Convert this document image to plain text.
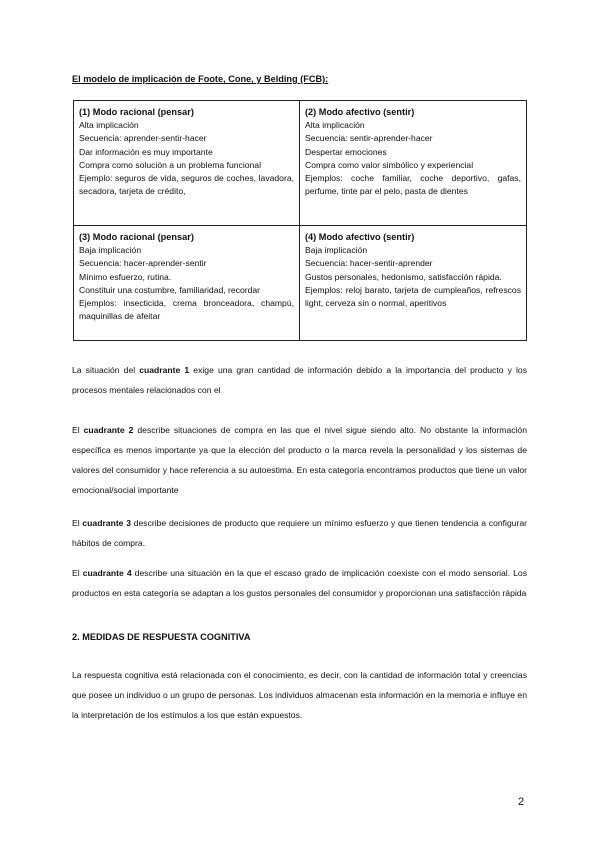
El modelo de implicación de Foote, Cone, y Belding (FCB):
(1) Modo racional (pensar)
Alta implicación
Secuencia: aprender-sentir-hacer
Dar información es muy importante
Compra como solución a un problema funcional
Ejemplo: seguros de vida, seguros de coches, lavadora, secadora, tarjeta de crédito,
(2) Modo afectivo (sentir)
Alta implicación
Secuencia: sentir-aprender-hacer
Despertar emociones
Compra como valor simbólico y experiencial
Ejemplos: coche familiar, coche deportivo, gafas, perfume, tinte par el pelo, pasta de dientes
(3) Modo racional (pensar)
Baja implicación
Secuencia: hacer-aprender-sentir
Mínimo esfuerzo, rutina.
Constituir una costumbre, familiaridad, recordar
Ejemplos: insecticida, crema bronceadora, champú, maquinillas de afeitar
(4) Modo afectivo (sentir)
Baja implicación
Secuencia: hacer-sentir-aprender
Gustos personales, hedonismo, satisfacción rápida.
Ejemplos: reloj barato, tarjeta de cumpleaños, refrescos light, cerveza sin o normal, aperitivos

La situación del cuadrante 1 exige una gran cantidad de información debido a la importancia del producto y los procesos mentales relacionados con el

El cuadrante 2 describe situaciones de compra en las que el nivel sigue siendo alto. No obstante la información específica es menos importante ya que la elección del producto o la marca revela la personalidad y los sistemas de valores del consumidor y hace referencia a su autoestima. En esta categoría encontramos productos que tiene un valor emocional/social importante

El cuadrante 3 describe decisiones de producto que requiere un mínimo esfuerzo y que tienen tendencia a configurar hábitos de compra.

El cuadrante 4 describe una situación en la que el escaso grado de implicación coexiste con el modo sensorial. Los productos en esta categoría se adaptan a los gustos personales del consumidor y proporcionan una satisfacción rápida

2. MEDIDAS DE RESPUESTA COGNITIVA

La respuesta cognitiva está relacionada con el conocimiento, es decir, con la cantidad de información total y creencias que posee un individuo o un grupo de personas. Los individuos almacenan esta información en la memoria e influye en la interpretación de los estímulos a los que están expuestos.

2
